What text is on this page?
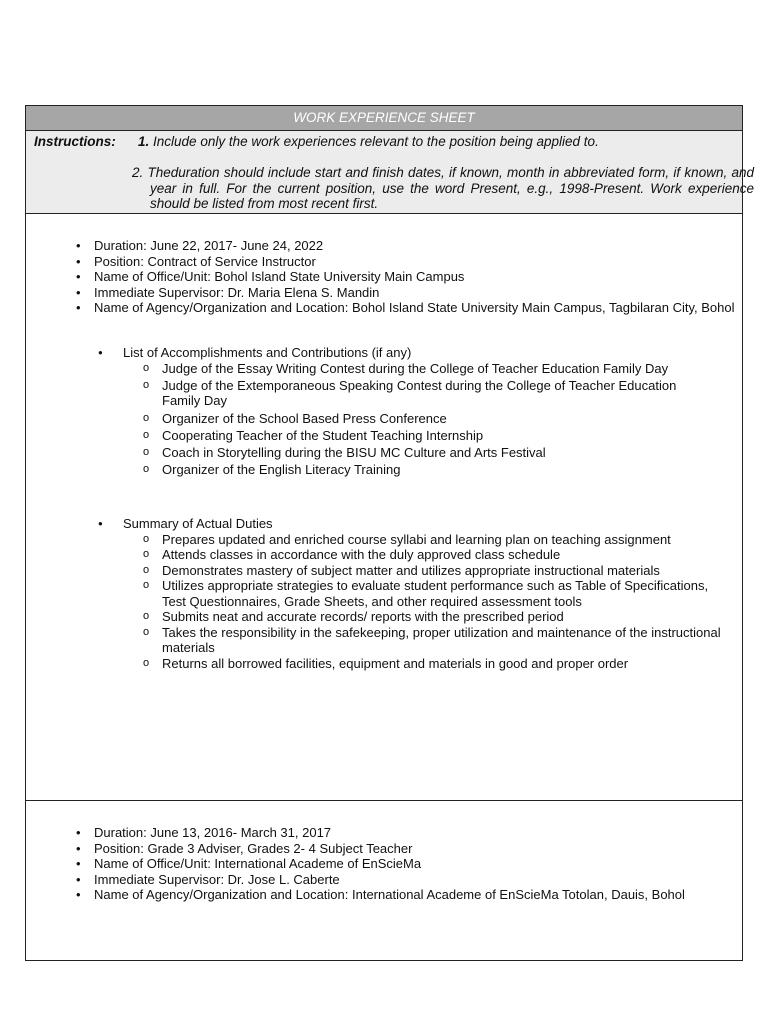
WORK EXPERIENCE SHEET
Instructions: 1. Include only the work experiences relevant to the position being applied to.
2. Theduration should include start and finish dates, if known, month in abbreviated form, if known, and year in full. For the current position, use the word Present, e.g., 1998-Present. Work experience should be listed from most recent first.
• Duration: June 22, 2017- June 24, 2022
• Position: Contract of Service Instructor
• Name of Office/Unit: Bohol Island State University Main Campus
• Immediate Supervisor: Dr. Maria Elena S. Mandin
• Name of Agency/Organization and Location: Bohol Island State University Main Campus, Tagbilaran City, Bohol
● List of Accomplishments and Contributions (if any)
o Judge of the Essay Writing Contest during the College of Teacher Education Family Day
o Judge of the Extemporaneous Speaking Contest during the College of Teacher Education Family Day
o Organizer of the School Based Press Conference
o Cooperating Teacher of the Student Teaching Internship
o Coach in Storytelling during the BISU MC Culture and Arts Festival
o Organizer of the English Literacy Training
● Summary of Actual Duties
o Prepares updated and enriched course syllabi and learning plan on teaching assignment
o Attends classes in accordance with the duly approved class schedule
o Demonstrates mastery of subject matter and utilizes appropriate instructional materials
o Utilizes appropriate strategies to evaluate student performance such as Table of Specifications, Test Questionnaires, Grade Sheets, and other required assessment tools
o Submits neat and accurate records/ reports with the prescribed period
o Takes the responsibility in the safekeeping, proper utilization and maintenance of the instructional materials
o Returns all borrowed facilities, equipment and materials in good and proper order
• Duration: June 13, 2016- March 31, 2017
• Position: Grade 3 Adviser, Grades 2- 4 Subject Teacher
• Name of Office/Unit: International Academe of EnScieMa
• Immediate Supervisor: Dr. Jose L. Caberte
• Name of Agency/Organization and Location: International Academe of EnScieMa Totolan, Dauis, Bohol
